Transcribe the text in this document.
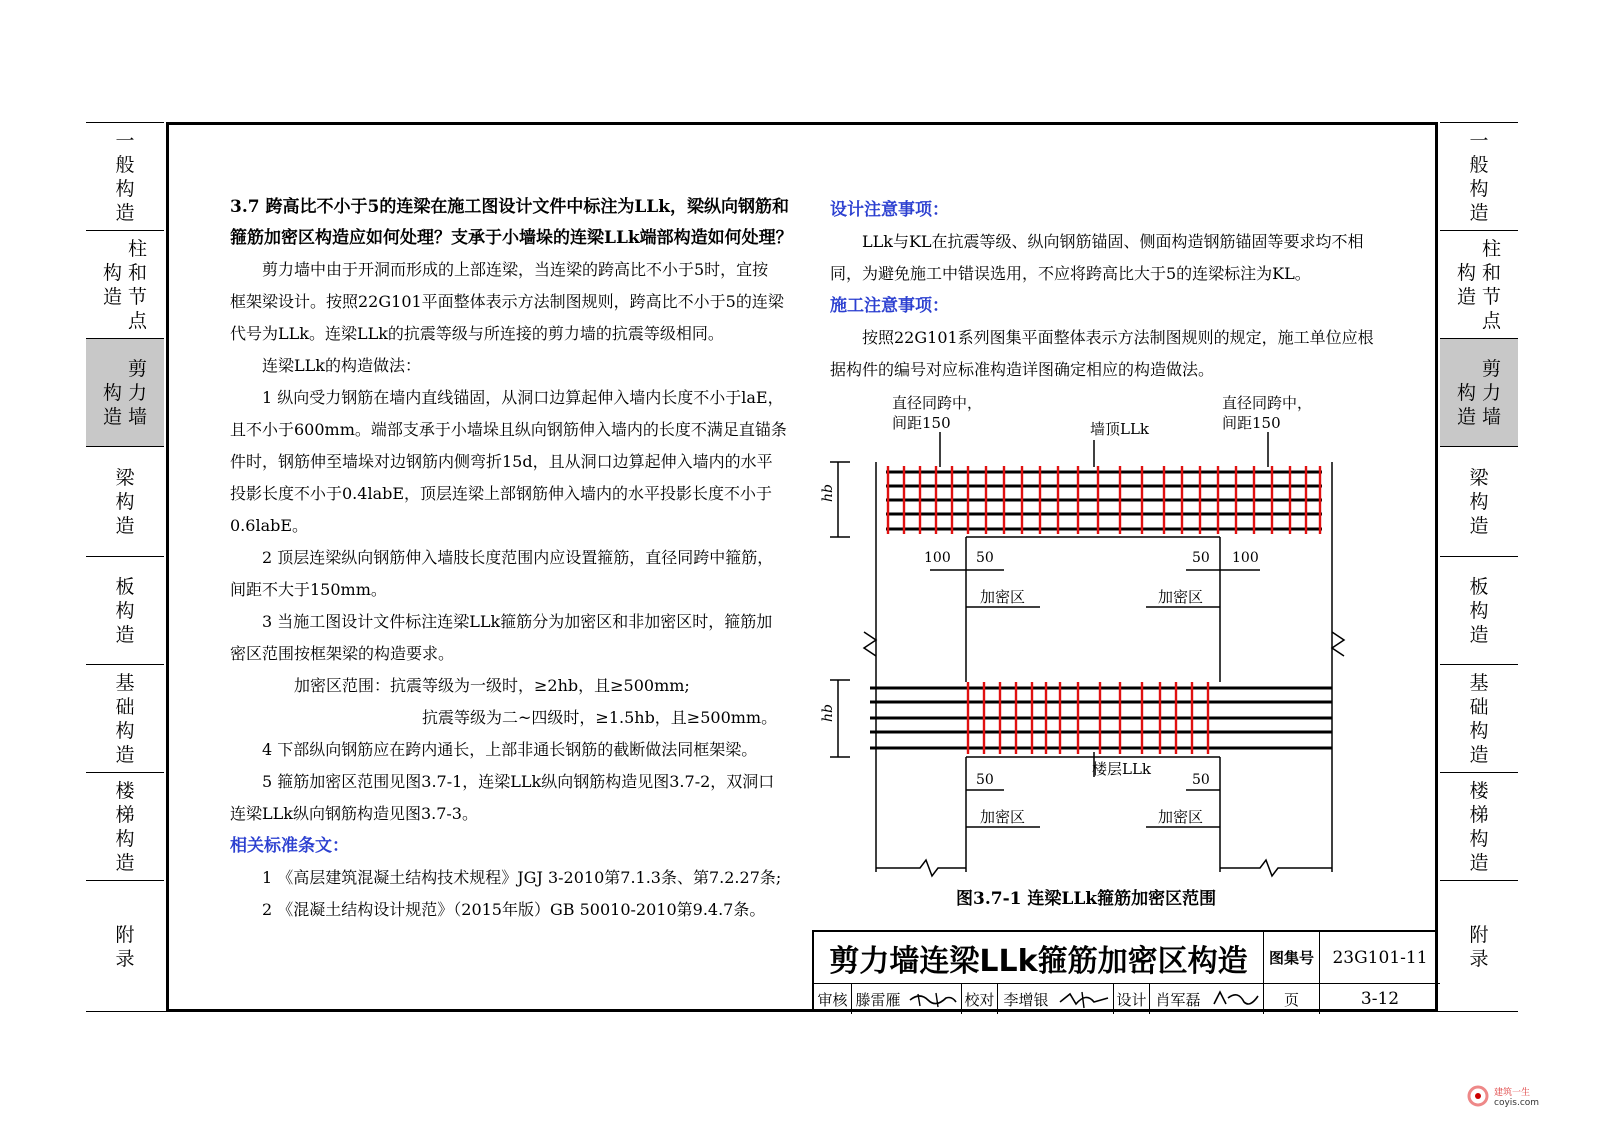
一
般
构
造
柱
和
节
点
构
造
剪
力
墙
构
造
梁
构
造
板
构
造
基
础
构
造
楼
梯
构
造
附
录
一
般
构
造
柱
和
节
点
构
造
剪
力
墙
构
造
梁
构
造
板
构
造
基
础
构
造
楼
梯
构
造
附
录
3.7 跨高比不小于5的连梁在施工图设计文件中标注为LLk，梁纵向钢筋和
箍筋加密区构造应如何处理？支承于小墙垛的连梁LLk端部构造如何处理？
　　剪力墙中由于开洞而形成的上部连梁，当连梁的跨高比不小于5时，宜按
框架梁设计。按照22G101平面整体表示方法制图规则，跨高比不小于5的连梁
代号为LLk。连梁LLk的抗震等级与所连接的剪力墙的抗震等级相同。
　　连梁LLk的构造做法：
　　1 纵向受力钢筋在墙内直线锚固，从洞口边算起伸入墙内长度不小于laE，
且不小于600mm。端部支承于小墙垛且纵向钢筋伸入墙内的长度不满足直锚条
件时，钢筋伸至墙垛对边钢筋内侧弯折15d，且从洞口边算起伸入墙内的水平
投影长度不小于0.4labE，顶层连梁上部钢筋伸入墙内的水平投影长度不小于
0.6labE。
　　2 顶层连梁纵向钢筋伸入墙肢长度范围内应设置箍筋，直径同跨中箍筋，
间距不大于150mm。
　　3 当施工图设计文件标注连梁LLk箍筋分为加密区和非加密区时，箍筋加
密区范围按框架梁的构造要求。
　　　　加密区范围：抗震等级为一级时，≥2hb，且≥500mm;
　　　　　　　　　　　　抗震等级为二~四级时，≥1.5hb，且≥500mm。
　　4 下部纵向钢筋应在跨内通长，上部非通长钢筋的截断做法同框架梁。
　　5 箍筋加密区范围见图3.7-1，连梁LLk纵向钢筋构造见图3.7-2，双洞口
连梁LLk纵向钢筋构造见图3.7-3。
相关标准条文：
　　1 《高层建筑混凝土结构技术规程》JGJ 3-2010第7.1.3条、第7.2.27条;
　　2 《混凝土结构设计规范》（2015年版）GB 50010-2010第9.4.7条。
设计注意事项：
　　LLk与KL在抗震等级、纵向钢筋锚固、侧面构造钢筋锚固等要求均不相
同，为避免施工中错误选用，不应将跨高比大于5的连梁标注为KL。
施工注意事项：
　　按照22G101系列图集平面整体表示方法制图规则的规定，施工单位应根
据构件的编号对应标准构造详图确定相应的构造做法。
直径同跨中，
间距150
直径同跨中，
间距150
墙顶LLk
楼层LLk
hb
hb
100 50	50 100
加密区	加密区
50	50
加密区	加密区
图3.7-1 连梁LLk箍筋加密区范围
剪力墙连梁LLk箍筋加密区构造	图集号	23G101-11
审核 滕雷雁	校对 李增银	设计 肖军磊	页	3-12
建筑一生
coyis.com
